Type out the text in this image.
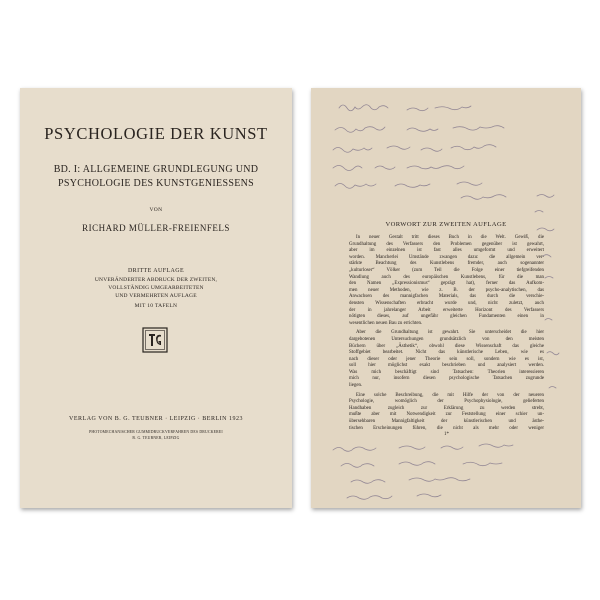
PSYCHOLOGIE DER KUNST
BD. I: ALLGEMEINE GRUNDLEGUNG UND
PSYCHOLOGIE DES KUNSTGENIESSENS
VON
RICHARD MÜLLER-FREIENFELS
DRITTE AUFLAGE
UNVERÄNDERTER ABDRUCK DER ZWEITEN,
VOLLSTÄNDIG UMGEARBEITETEN
UND VERMEHRTEN AUFLAGE
MIT 10 TAFELN
VERLAG VON B. G. TEUBNER · LEIPZIG · BERLIN 1923
PHOTOMECHANISCHER GUMMIDRUCKVERFAHREN DES DRUCKEREI
B. G. TEUBNER, LEIPZIG
VORWORT ZUR ZWEITEN AUFLAGE
In neuer Gestalt tritt dieses Buch in die Welt. Gewiß, die
Grundhaltung des Verfassers den Problemen gegenüber ist gewahrt,
aber im einzelnen ist fast alles umgeformt und erweitert
worden. Mancherlei Umstände zwangen dazu: die allgemein ver-
stärkte Beachtung des Kunstlebens fremder, auch sogenannter
„kulturloser“ Völker (zum Teil die Folge einer tiefgreifenden
Wandlung auch des europäischen Kunstlebens, für die man
den Namen „Expressionismus“ geprägt hat), ferner das Aufkom-
men neuer Methoden, wie z. B. der psycho-analytischen, das
Anwachsen des mannigfachen Materials, das durch die verschie-
densten Wissenschaften erbracht wurde und, nicht zuletzt, auch
der in jahrelanger Arbeit erweiterte Horizont des Verfassers
nötigten dieses, auf ungefähr gleichen Fundamenten einen in
wesentlichen neuen Bau zu errichten.
Aber die Grundhaltung ist gewahrt. Sie unterscheidet die hier
dargebotenen Untersuchungen grundsätzlich von den meisten
Büchern über „Ästhetik“, obwohl diese Wissenschaft das gleiche
Stoffgebiet bearbeitet. Nicht das künstlerische Leben, wie es
nach dieser oder jener Theorie sein soll, sondern wie es ist,
soll hier möglichst exakt beschrieben und analysiert werden.
Was mich beschäftigt sind Tatsachen: Theorien interessieren
mich nur, insofern diesen psychologische Tatsachen zugrunde
liegen.
Eine solche Beschreibung, die mit Hilfe der von der neueren
Psychologie, womöglich der Psychophysiologie, gelieferten
Handhaben zugleich zur Erklärung zu werden strebt,
mußte aber mit Notwendigkeit zur Feststellung einer schier un-
übersehbaren Mannigfaltigkeit der künstlerischen und ästhe-
tischen Erscheinungen führen, die nicht als mehr oder weniger
1*
